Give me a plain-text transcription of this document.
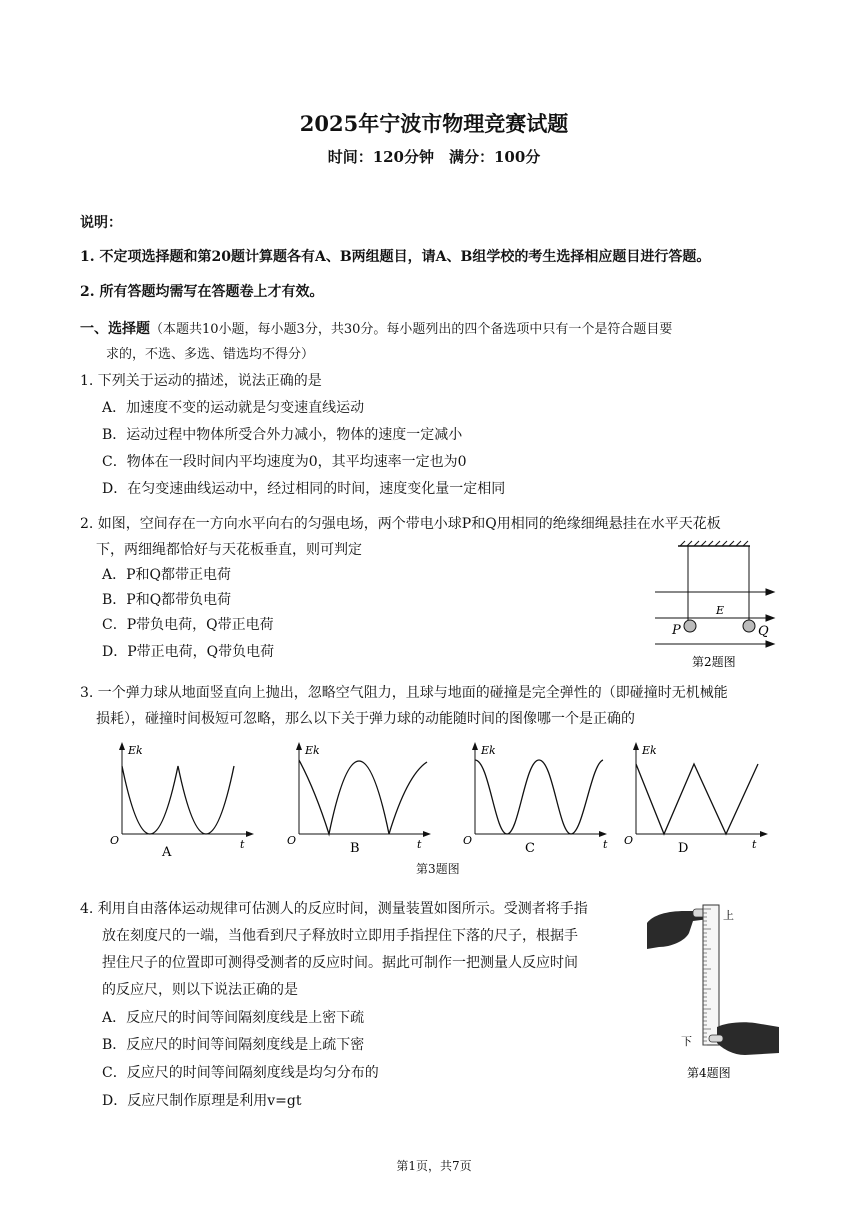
2025年宁波市物理竞赛试题
时间：120分钟　满分：100分
说明：
1. 不定项选择题和第20题计算题各有A、B两组题目，请A、B组学校的考生选择相应题目进行答题。
2. 所有答题均需写在答题卷上才有效。
一、选择题（本题共10小题，每小题3分，共30分。每小题列出的四个备选项中只有一个是符合题目要
求的，不选、多选、错选均不得分）
1. 下列关于运动的描述，说法正确的是
A．加速度不变的运动就是匀变速直线运动
B．运动过程中物体所受合外力减小，物体的速度一定减小
C．物体在一段时间内平均速度为0，其平均速率一定也为0
D．在匀变速曲线运动中，经过相同的时间，速度变化量一定相同
2. 如图，空间存在一方向水平向右的匀强电场，两个带电小球P和Q用相同的绝缘细绳悬挂在水平天花板
下，两细绳都恰好与天花板垂直，则可判定
A．P和Q都带正电荷
B．P和Q都带负电荷
C．P带负电荷，Q带正电荷
D．P带正电荷，Q带负电荷
E
P	Q
第2题图
3. 一个弹力球从地面竖直向上抛出，忽略空气阻力，且球与地面的碰撞是完全弹性的（即碰撞时无机械能
损耗），碰撞时间极短可忽略，那么以下关于弹力球的动能随时间的图像哪一个是正确的
Ek
O	t
A
Ek
O	t
B
Ek
O	t
C
Ek
O	t
D
第3题图
4. 利用自由落体运动规律可估测人的反应时间，测量装置如图所示。受测者将手指
放在刻度尺的一端，当他看到尺子释放时立即用手指捏住下落的尺子，根据手
捏住尺子的位置即可测得受测者的反应时间。据此可制作一把测量人反应时间
的反应尺，则以下说法正确的是
A．反应尺的时间等间隔刻度线是上密下疏
B．反应尺的时间等间隔刻度线是上疏下密
C．反应尺的时间等间隔刻度线是均匀分布的
D．反应尺制作原理是利用v=gt
上
下
第4题图
第1页，共7页
